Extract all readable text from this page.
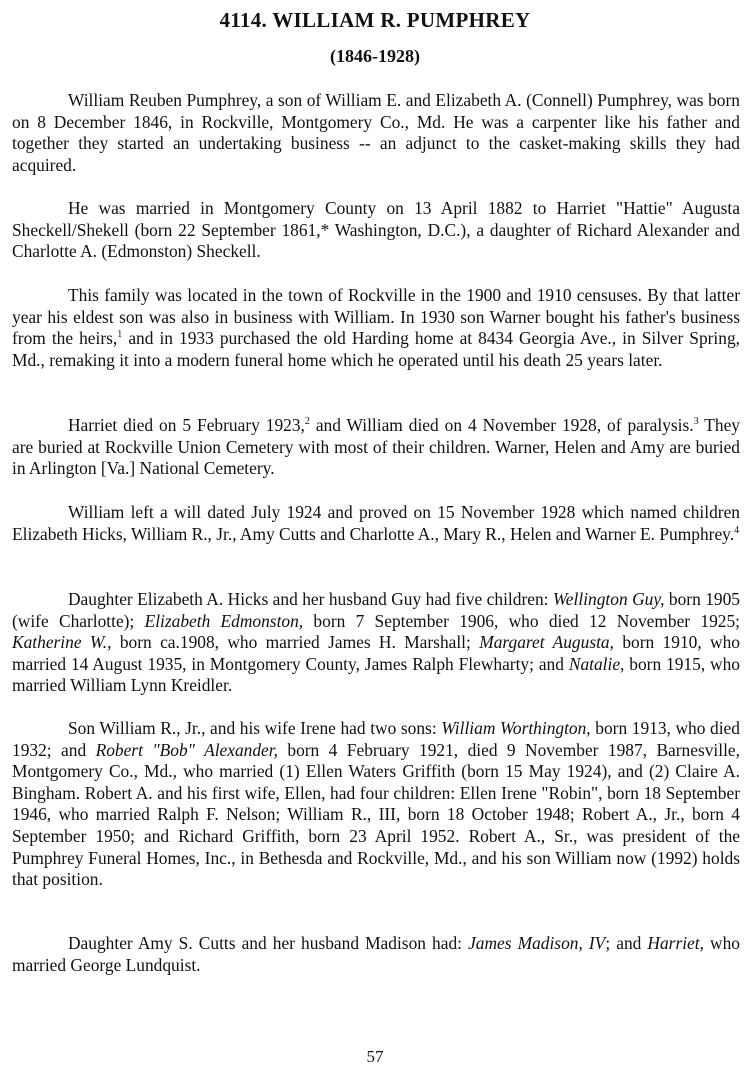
4114. WILLIAM R. PUMPHREY
(1846-1928)

William Reuben Pumphrey, a son of William E. and Elizabeth A. (Connell) Pumphrey, was born on 8 December 1846, in Rockville, Montgomery Co., Md. He was a carpenter like his father and together they started an undertaking business -- an adjunct to the casket-making skills they had acquired.

He was married in Montgomery County on 13 April 1882 to Harriet "Hattie" Augusta Sheckell/Shekell (born 22 September 1861,* Washington, D.C.), a daughter of Richard Alexander and Charlotte A. (Edmonston) Sheckell.

This family was located in the town of Rockville in the 1900 and 1910 censuses. By that latter year his eldest son was also in business with William. In 1930 son Warner bought his father's business from the heirs,$^1$ and in 1933 purchased the old Harding home at 8434 Georgia Ave., in Silver Spring, Md., remaking it into a modern funeral home which he operated until his death 25 years later.

Harriet died on 5 February 1923,$^2$ and William died on 4 November 1928, of paralysis.$^3$ They are buried at Rockville Union Cemetery with most of their children. Warner, Helen and Amy are buried in Arlington [Va.] National Cemetery.

William left a will dated July 1924 and proved on 15 November 1928 which named children Elizabeth Hicks, William R., Jr., Amy Cutts and Charlotte A., Mary R., Helen and Warner E. Pumphrey.$^4$

Daughter Elizabeth A. Hicks and her husband Guy had five children: Wellington Guy, born 1905 (wife Charlotte); Elizabeth Edmonston, born 7 September 1906, who died 12 November 1925; Katherine W., born ca.1908, who married James H. Marshall; Margaret Augusta, born 1910, who married 14 August 1935, in Montgomery County, James Ralph Flewharty; and Natalie, born 1915, who married William Lynn Kreidler.

Son William R., Jr., and his wife Irene had two sons: William Worthington, born 1913, who died 1932; and Robert "Bob" Alexander, born 4 February 1921, died 9 November 1987, Barnesville, Montgomery Co., Md., who married (1) Ellen Waters Griffith (born 15 May 1924), and (2) Claire A. Bingham. Robert A. and his first wife, Ellen, had four children: Ellen Irene "Robin", born 18 September 1946, who married Ralph F. Nelson; William R., III, born 18 October 1948; Robert A., Jr., born 4 September 1950; and Richard Griffith, born 23 April 1952. Robert A., Sr., was president of the Pumphrey Funeral Homes, Inc., in Bethesda and Rockville, Md., and his son William now (1992) holds that position.

Daughter Amy S. Cutts and her husband Madison had: James Madison, IV; and Harriet, who married George Lundquist.

57
